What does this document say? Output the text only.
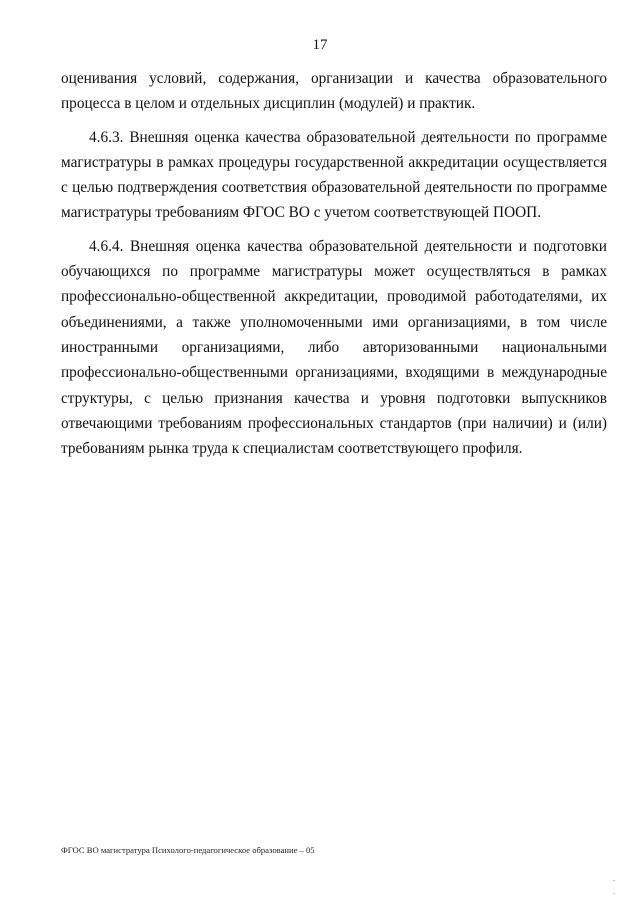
17

оценивания условий, содержания, организации и качества образовательного процесса в целом и отдельных дисциплин (модулей) и практик.

4.6.3. Внешняя оценка качества образовательной деятельности по программе магистратуры в рамках процедуры государственной аккредитации осуществляется с целью подтверждения соответствия образовательной деятельности по программе магистратуры требованиям ФГОС ВО с учетом соответствующей ПООП.

4.6.4. Внешняя оценка качества образовательной деятельности и подготовки обучающихся по программе магистратуры может осуществляться в рамках профессионально-общественной аккредитации, проводимой работодателями, их объединениями, а также уполномоченными ими организациями, в том числе иностранными организациями, либо авторизованными национальными профессионально-общественными организациями, входящими в международные структуры, с целью признания качества и уровня подготовки выпускников отвечающими требованиям профессиональных стандартов (при наличии) и (или) требованиям рынка труда к специалистам соответствующего профиля.

ФГОС ВО магистратура Психолого-педагогическое образование – 05
